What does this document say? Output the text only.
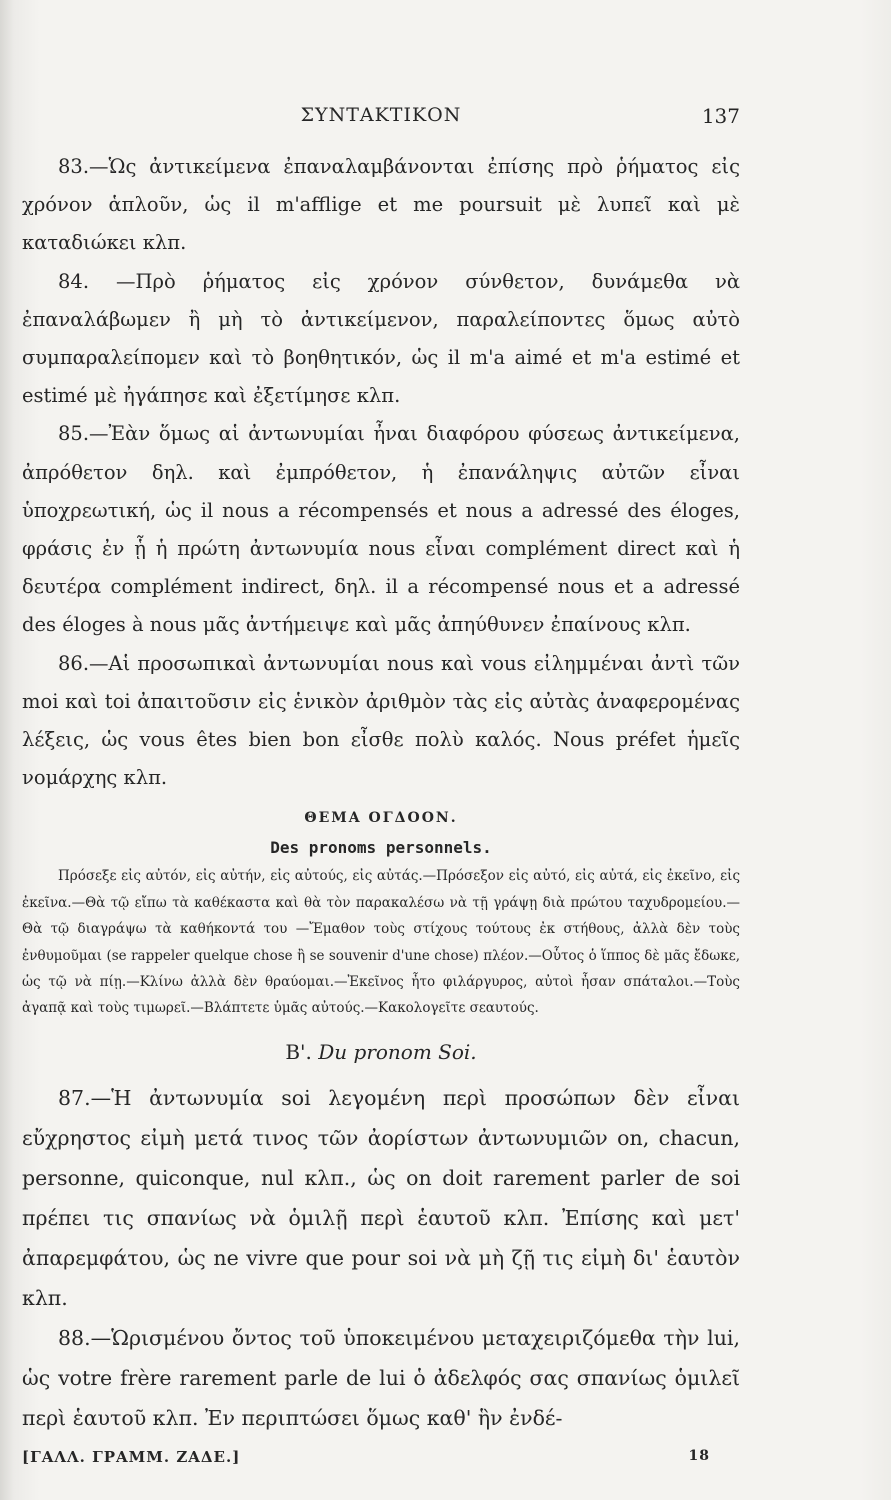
ΣΥΝΤΑΚΤΙΚΟΝ	137

83.—Ὡς ἀντικείμενα ἐπαναλαμβάνονται ἐπίσης πρὸ ῥήματος εἰς χρόνον ἁπλοῦν, ὡς il m'afflige et me poursuit μὲ λυπεῖ καὶ μὲ καταδιώκει κλπ.

84. —Πρὸ ῥήματος εἰς χρόνον σύνθετον, δυνάμεθα νὰ ἐπαναλάβωμεν ἢ μὴ τὸ ἀντικείμενον, παραλείποντες ὅμως αὐτὸ συμπαραλείπομεν καὶ τὸ βοηθητικόν, ὡς il m'a aimé et m'a estimé et estimé μὲ ἠγάπησε καὶ ἐξετίμησε κλπ.

85.—Ἐὰν ὅμως αἱ ἀντωνυμίαι ἦναι διαφόρου φύσεως ἀντικείμενα, ἀπρόθετον δηλ. καὶ ἐμπρόθετον, ἡ ἐπανάληψις αὐτῶν εἶναι ὑποχρεωτική, ὡς il nous a récompensés et nous a adressé des éloges, φράσις ἐν ᾗ ἡ πρώτη ἀντωνυμία nous εἶναι complément direct καὶ ἡ δευτέρα complément indirect, δηλ. il a récompensé nous et a adressé des éloges à nous μᾶς ἀντήμειψε καὶ μᾶς ἀπηύθυνεν ἐπαίνους κλπ.

86.—Αἱ προσωπικαὶ ἀντωνυμίαι nous καὶ vous εἰλημμέναι ἀντὶ τῶν moi καὶ toi ἀπαιτοῦσιν εἰς ἑνικὸν ἀριθμὸν τὰς εἰς αὐτὰς ἀναφερομένας λέξεις, ὡς vous êtes bien bon εἶσθε πολὺ καλός. Nous préfet ἡμεῖς νομάρχης κλπ.

ΘΕΜΑ ΟΓΔΟΟΝ.
Des pronoms personnels.

Πρόσεξε εἰς αὐτόν, εἰς αὐτήν, εἰς αὐτούς, εἰς αὐτάς.—Πρόσεξον εἰς αὐτό, εἰς αὐτά, εἰς ἐκεῖνο, εἰς ἐκεῖνα.—Θὰ τῷ εἴπω τὰ καθέκαστα καὶ θὰ τὸν παρακαλέσω νὰ τῇ γράψῃ διὰ πρώτου ταχυδρομείου.—Θὰ τῷ διαγράψω τὰ καθήκοντά του —Ἔμαθον τοὺς στίχους τούτους ἐκ στήθους, ἀλλὰ δὲν τοὺς ἐνθυμοῦμαι (se rappeler quelque chose ἢ se souvenir d'une chose) πλέον.—Οὗτος ὁ ἵππος δὲ μᾶς ἔδωκε, ὡς τῷ νὰ πίῃ.—Κλίνω ἀλλὰ δὲν θραύομαι.—Ἐκεῖνος ἦτο φιλάργυρος, αὐτοὶ ἦσαν σπάταλοι.—Τοὺς ἀγαπᾷ καὶ τοὺς τιμωρεῖ.—Βλάπτετε ὑμᾶς αὐτούς.—Κακολογεῖτε σεαυτούς.

Β'. Du pronom Soi.

87.—Ἡ ἀντωνυμία soi λεγομένη περὶ προσώπων δὲν εἶναι εὔχρηστος εἰμὴ μετά τινος τῶν ἀορίστων ἀντωνυμιῶν on, chacun, personne, quiconque, nul κλπ., ὡς on doit rarement parler de soi πρέπει τις σπανίως νὰ ὁμιλῇ περὶ ἑαυτοῦ κλπ. Ἐπίσης καὶ μετ' ἀπαρεμφάτου, ὡς ne vivre que pour soi νὰ μὴ ζῇ τις εἰμὴ δι' ἑαυτὸν κλπ.

88.—Ὡρισμένου ὄντος τοῦ ὑποκειμένου μεταχειριζόμεθα τὴν lui, ὡς votre frère rarement parle de lui ὁ ἀδελφός σας σπανίως ὁμιλεῖ περὶ ἑαυτοῦ κλπ. Ἐν περιπτώσει ὅμως καθ' ἣν ἐνδέ-

[ΓΑΛΛ. ΓΡΑΜΜ. ΖΑΔΕ.]	18
